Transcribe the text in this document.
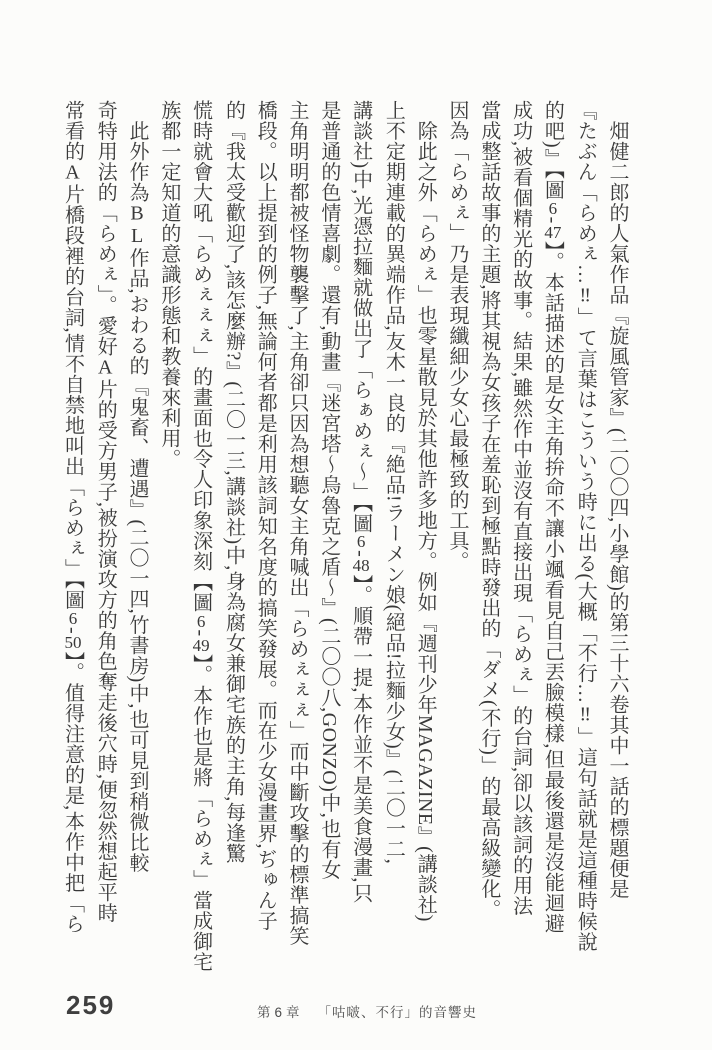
　畑健二郎的人氣作品『旋風管家』(二〇〇四,小學館)的第三十六卷其中一話的標題便是
『たぶん「らめぇ…‼」て言葉はこういう時に出る(大概「不行…‼」這句話就是這種時候說
的吧)』【圖6-47】。本話描述的是女主角拚命不讓小颯看見自己丟臉模樣,但最後還是沒能迴避
成功,被看個精光的故事。結果,雖然作中並沒有直接出現「らめぇ」的台詞,卻以該詞的用法
當成整話故事的主題,將其視為女孩子在羞恥到極點時發出的「ダメ(不行)」的最高級變化。
因為「らめぇ」乃是表現纖細少女心最極致的工具。
　除此之外「らめぇ」也零星散見於其他許多地方。例如『週刊少年MAGAZINE』(講談社)
上不定期連載的異端作品,友木一良的『絶品!ラーメン娘(絕品!拉麵少女)』(二〇一二,
講談社)中,光憑拉麵就做出了「らぁめぇ〜」【圖6-48】。順帶一提,本作並不是美食漫畫,只
是普通的色情喜劇。還有,動畫『迷宮塔〜烏魯克之盾〜』(二〇〇八,GONZO)中,也有女
主角明明都被怪物襲擊了,主角卻只因為想聽女主角喊出「らめぇぇぇ」而中斷攻擊的標準搞笑
橋段。以上提到的例子,無論何者都是利用該詞知名度的搞笑發展。而在少女漫畫界,ぢゅん子
的『我太受歡迎了,該怎麼辦?』(二〇一三,講談社)中,身為腐女兼御宅族的主角,每逢驚
慌時就會大吼「らめぇぇぇ」的畫面也令人印象深刻【圖6-49】。本作也是將「らめぇ」當成御宅
族都一定知道的意識形態和教養來利用。
　此外作為BL作品,おわる的『鬼畜、遭遇』(二〇一四,竹書房)中,也可見到稍微比較
奇特用法的「らめぇ」。愛好A片的受方男子,被扮演攻方的角色奪走後穴時,便忽然想起平時
常看的A片橋段裡的台詞,情不自禁地叫出「らめぇ」【圖6-50】。值得注意的是,本作中把「ら
259	第6章 「咕啵、不行」的音響史
